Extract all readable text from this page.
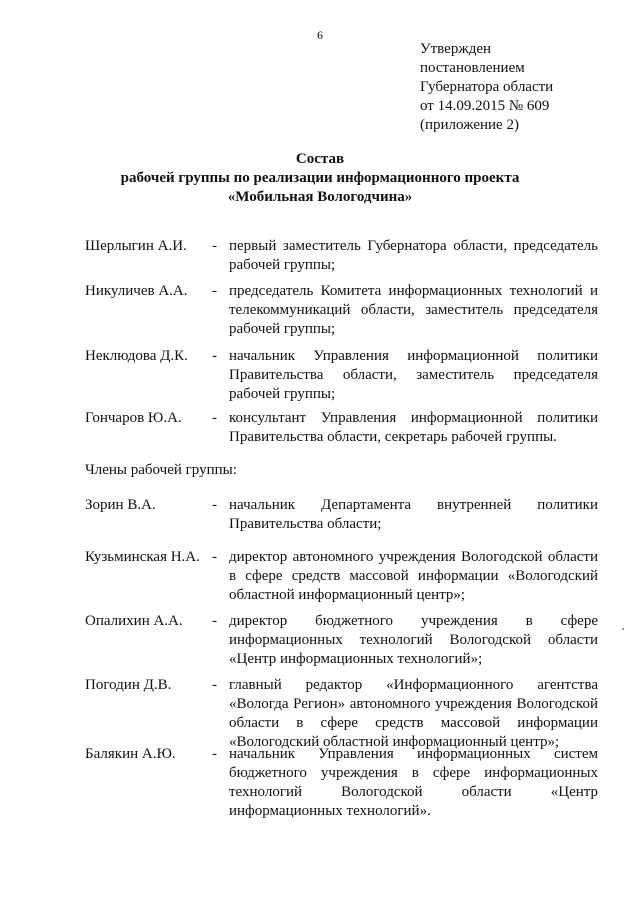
6
Утвержден
постановлением
Губернатора области
от 14.09.2015 № 609
(приложение 2)
Состав
рабочей группы по реализации информационного проекта
«Мобильная Вологодчина»
Шерлыгин А.И.	- первый заместитель Губернатора области, председатель рабочей группы;
Никуличев А.А.	- председатель Комитета информационных технологий и телекоммуникаций области, заместитель председателя рабочей группы;
Неклюдова Д.К.	- начальник Управления информационной политики Правительства области, заместитель председателя рабочей группы;
Гончаров Ю.А.	- консультант Управления информационной политики Правительства области, секретарь рабочей группы.
Члены рабочей группы:
Зорин В.А.	- начальник Департамента внутренней политики Правительства области;
Кузьминская Н.А. - директор автономного учреждения Вологодской области в сфере средств массовой информации «Вологодский областной информационный центр»;
Опалихин А.А.	- директор бюджетного учреждения в сфере информационных технологий Вологодской области «Центр информационных технологий»;
Погодин Д.В.	- главный редактор «Информационного агентства «Вологда Регион» автономного учреждения Вологодской области в сфере средств массовой информации «Вологодский областной информационный центр»;
Балякин А.Ю.	- начальник Управления информационных систем бюджетного учреждения в сфере информационных технологий Вологодской области «Центр информационных технологий».
